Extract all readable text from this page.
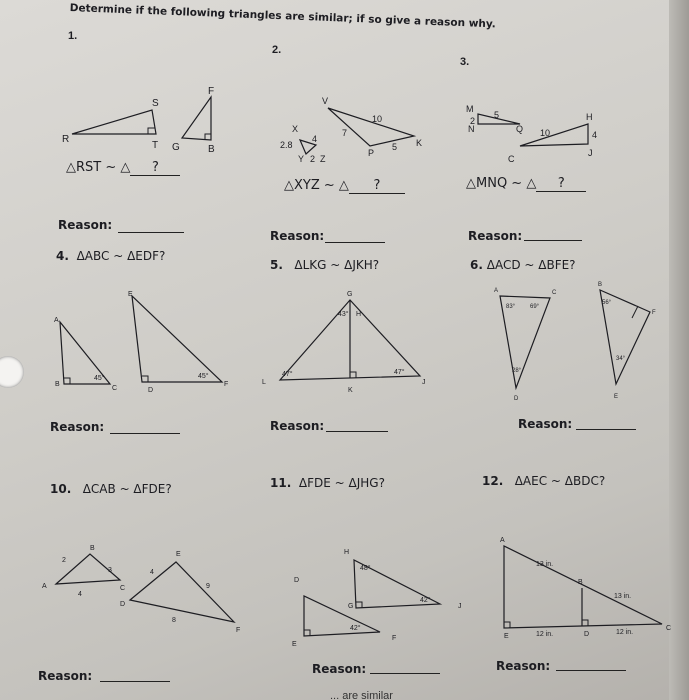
Determine if the following triangles are similar; if so give a reason why.
1.
2.
3.
△RST ~ △ ?
△XYZ ~ △ ?	△MNQ ~ △ ?
Reason:
Reason:	Reason:
4. ΔABC ~ ΔEDF?
5. ΔLKG ~ ΔJKH?	6. ΔACD ~ ΔBFE?
Reason:	Reason:	Reason:
10. ΔCAB ~ ΔFDE?	11. ΔFDE ~ ΔJHG?	12. ΔAEC ~ ΔBDC?
Reason:	Reason:	Reason:
... are similar
R
S
T G
F
B
V
X
Y Z
P
K
10
7
4
2.8
2
5
M
N	Q
H
C
J
2
5
10	4
A
B
C
E
D
F
45°	45°
G
H
L
K
J
43°
47°	47°
A	C
D
B
F
E
83° 69°
28°
56°
34°
B
A	C
E
D
F
2
3
4
4
9
8
H
D
G
E
F
J
48°
42°
42°
A
B
E	D
C
13 in.
13 in.
12 in.	12 in.
